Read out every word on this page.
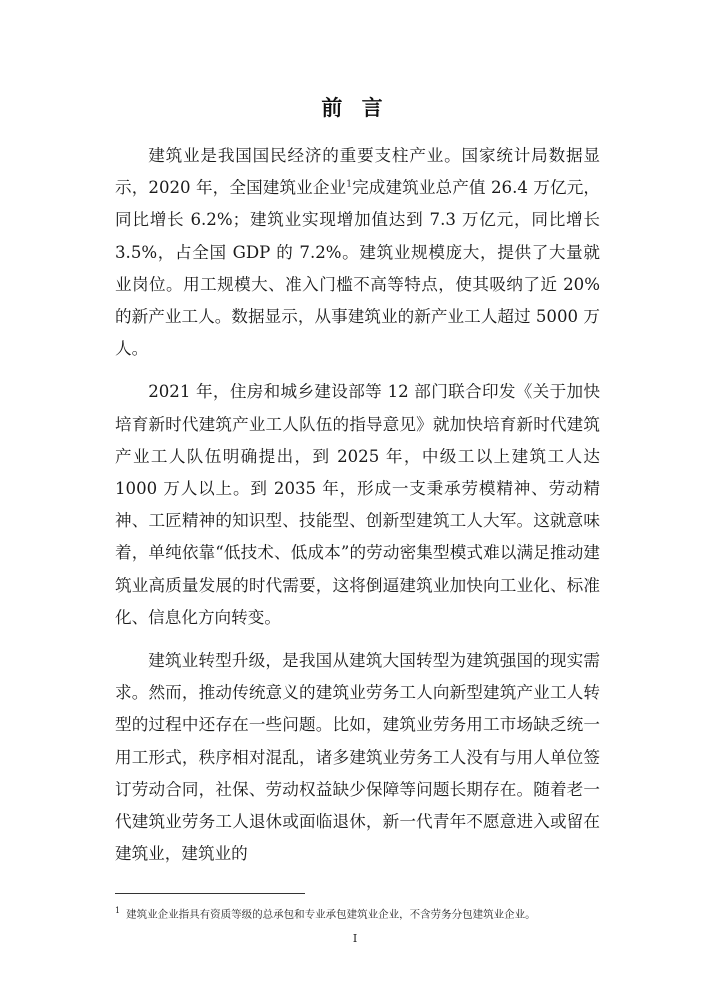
前 言

建筑业是我国国民经济的重要支柱产业。国家统计局数据显示，2020 年，全国建筑业企业$^1$完成建筑业总产值 26.4 万亿元，同比增长 6.2%；建筑业实现增加值达到 7.3 万亿元，同比增长 3.5%，占全国 GDP 的 7.2%。建筑业规模庞大，提供了大量就业岗位。用工规模大、准入门槛不高等特点，使其吸纳了近 20%的新产业工人。数据显示，从事建筑业的新产业工人超过 5000 万人。

2021 年，住房和城乡建设部等 12 部门联合印发《关于加快培育新时代建筑产业工人队伍的指导意见》就加快培育新时代建筑产业工人队伍明确提出，到 2025 年，中级工以上建筑工人达 1000 万人以上。到 2035 年，形成一支秉承劳模精神、劳动精神、工匠精神的知识型、技能型、创新型建筑工人大军。这就意味着，单纯依靠“低技术、低成本”的劳动密集型模式难以满足推动建筑业高质量发展的时代需要，这将倒逼建筑业加快向工业化、标准化、信息化方向转变。

建筑业转型升级，是我国从建筑大国转型为建筑强国的现实需求。然而，推动传统意义的建筑业劳务工人向新型建筑产业工人转型的过程中还存在一些问题。比如，建筑业劳务用工市场缺乏统一用工形式，秩序相对混乱，诸多建筑业劳务工人没有与用人单位签订劳动合同，社保、劳动权益缺少保障等问题长期存在。随着老一代建筑业劳务工人退休或面临退休，新一代青年不愿意进入或留在建筑业，建筑业的

$^1$ 建筑业企业指具有资质等级的总承包和专业承包建筑业企业，不含劳务分包建筑业企业。
I
